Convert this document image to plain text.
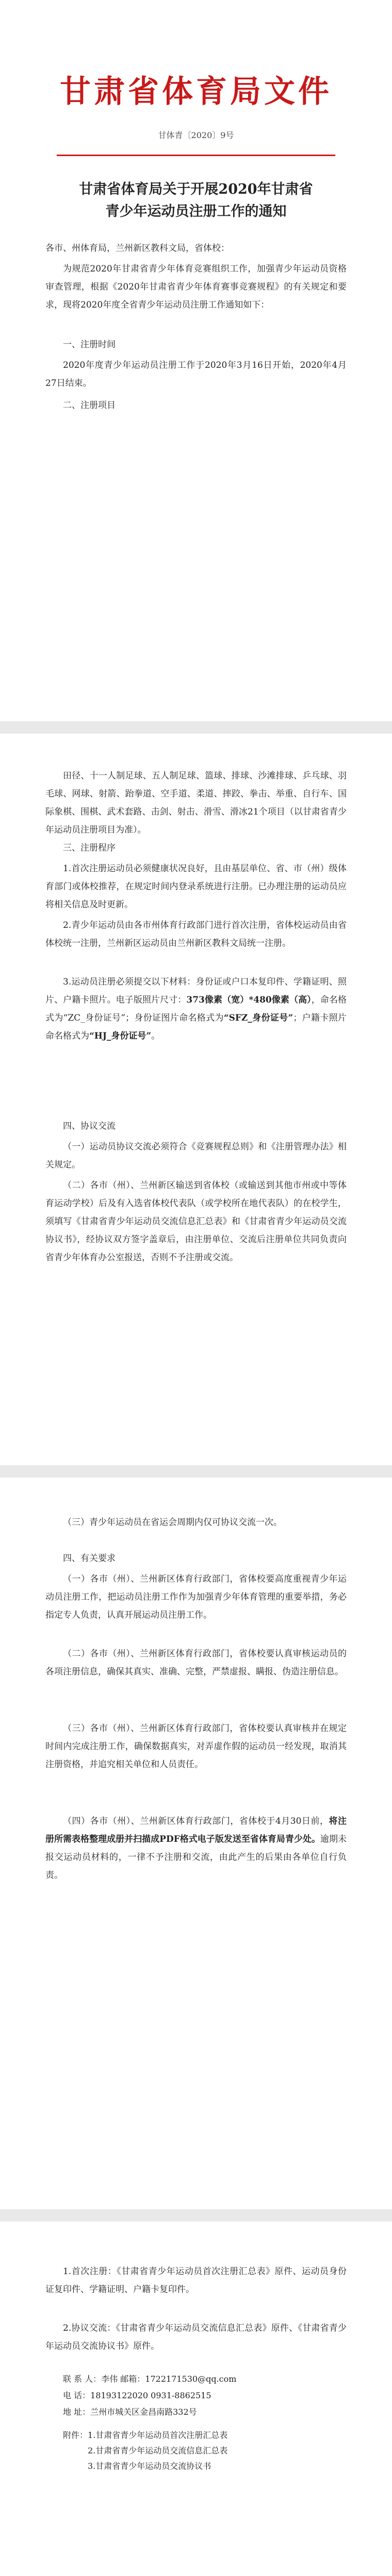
甘肃省体育局文件
甘体青〔2020〕9号
甘肃省体育局关于开展2020年甘肃省
青少年运动员注册工作的通知

各市、州体育局，兰州新区教科文局，省体校：

为规范2020年甘肃省青少年体育竞赛组织工作，加强青少年运动员资格审查管理，根据《2020年甘肃省青少年体育赛事竞赛规程》的有关规定和要求，现将2020年度全省青少年运动员注册工作通知如下：

一、注册时间

2020年度青少年运动员注册工作于2020年3月16日开始，2020年4月27日结束。

二、注册项目

田径、十一人制足球、五人制足球、篮球、排球、沙滩排球、乒乓球、羽毛球、网球、射箭、跆拳道、空手道、柔道、摔跤、拳击、举重、自行车、国际象棋、围棋、武术套路、击剑、射击、滑雪、滑冰21个项目（以甘肃省青少年运动员注册项目为准）。

三、注册程序

1.首次注册运动员必须健康状况良好，且由基层单位、省、市（州）级体育部门或体校推荐，在规定时间内登录系统进行注册。已办理注册的运动员应将相关信息及时更新。

2.青少年运动员由各市州体育行政部门进行首次注册，省体校运动员由省体校统一注册，兰州新区运动员由兰州新区教科文局统一注册。

3.运动员注册必须提交以下材料：身份证或户口本复印件、学籍证明、照片、户籍卡照片。电子版照片尺寸：373像素（宽）*480像素（高），命名格式为“ZC_身份证号”；身份证图片命名格式为“SFZ_身份证号”；户籍卡照片命名格式为“HJ_身份证号”。

四、协议交流

（一）运动员协议交流必须符合《竞赛规程总则》和《注册管理办法》相关规定。

（二）各市（州）、兰州新区输送到省体校（或输送到其他市州或中等体育运动学校）后及有入选省体校代表队（或学校所在地代表队）的在校学生，须填写《甘肃省青少年运动员交流信息汇总表》和《甘肃省青少年运动员交流协议书》，经协议双方签字盖章后，由注册单位、交流后注册单位共同负责向省青少年体育办公室报送，否则不予注册或交流。

（三）青少年运动员在省运会周期内仅可协议交流一次。

四、有关要求

（一）各市（州）、兰州新区体育行政部门，省体校要高度重视青少年运动员注册工作，把运动员注册工作作为加强青少年体育管理的重要举措，务必指定专人负责，认真开展运动员注册工作。

（二）各市（州）、兰州新区体育行政部门，省体校要认真审核运动员的各项注册信息，确保其真实、准确、完整，严禁虚报、瞒报、伪造注册信息。

（三）各市（州）、兰州新区体育行政部门，省体校要认真审核并在规定时间内完成注册工作，确保数据真实，对弄虚作假的运动员一经发现，取消其注册资格，并追究相关单位和人员责任。

（四）各市（州）、兰州新区体育行政部门，省体校于4月30日前，将注册所需表格整理成册并扫描成PDF格式电子版发送至省体育局青少处。逾期未报交运动员材料的，一律不予注册和交流，由此产生的后果由各单位自行负责。

1.首次注册：《甘肃省青少年运动员首次注册汇总表》原件、运动员身份证复印件、学籍证明、户籍卡复印件。

2.协议交流：《甘肃省青少年运动员交流信息汇总表》原件、《甘肃省青少年运动员交流协议书》原件。

联 系 人：李伟 邮箱：1722171530@qq.com
电 话：18193122020 0931-8862515
地 址：兰州市城关区金昌南路332号
附件：1.甘肃省青少年运动员首次注册汇总表
2.甘肃省青少年运动员交流信息汇总表
3.甘肃省青少年运动员交流协议书
